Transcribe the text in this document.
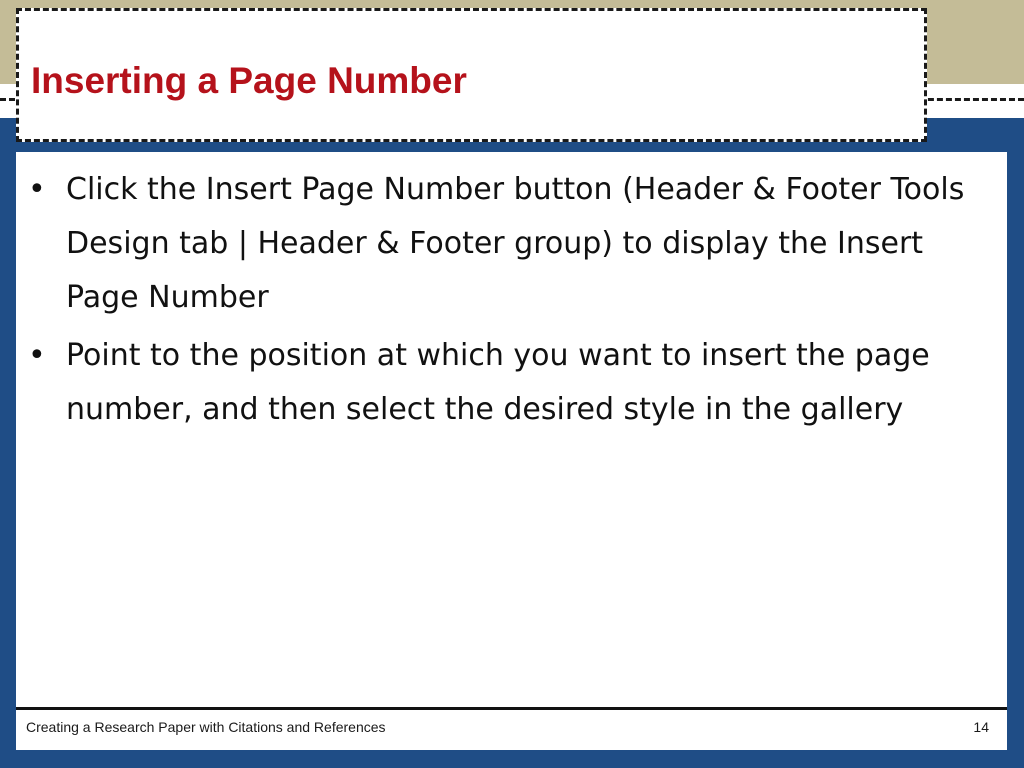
Inserting a Page Number
• Click the Insert Page Number button (Header & Footer Tools Design tab | Header & Footer group) to display the Insert Page Number
• Point to the position at which you want to insert the page number, and then select the desired style in the gallery
Creating a Research Paper with Citations and References	14
